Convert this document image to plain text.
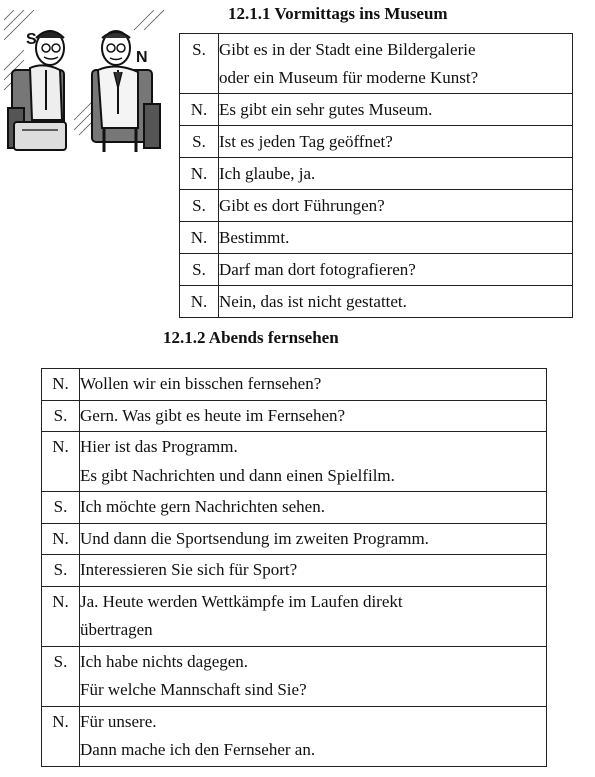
S
N
12.1.1 Vormittags ins Museum
S.	Gibt es in der Stadt eine Bildergalerie
oder ein Museum für moderne Kunst?

N.	Es gibt ein sehr gutes Museum.

S.	Ist es jeden Tag geöffnet?

N.	Ich glaube, ja.

S.	Gibt es dort Führungen?

N.	Bestimmt.

S.	Darf man dort fotografieren?

N.	Nein, das ist nicht gestattet.
12.1.2 Abends fernsehen
N.	Wollen wir ein bisschen fernsehen?

S.	Gern. Was gibt es heute im Fernsehen?

N.	Hier ist das Programm.
Es gibt Nachrichten und dann einen Spielfilm.

S.	Ich möchte gern Nachrichten sehen.

N.	Und dann die Sportsendung im zweiten Programm.

S.	Interessieren Sie sich für Sport?

N.	Ja. Heute werden Wettkämpfe im Laufen direkt
übertragen

S.	Ich habe nichts dagegen.
Für welche Mannschaft sind Sie?

N.	Für unsere.
Dann mache ich den Fernseher an.
